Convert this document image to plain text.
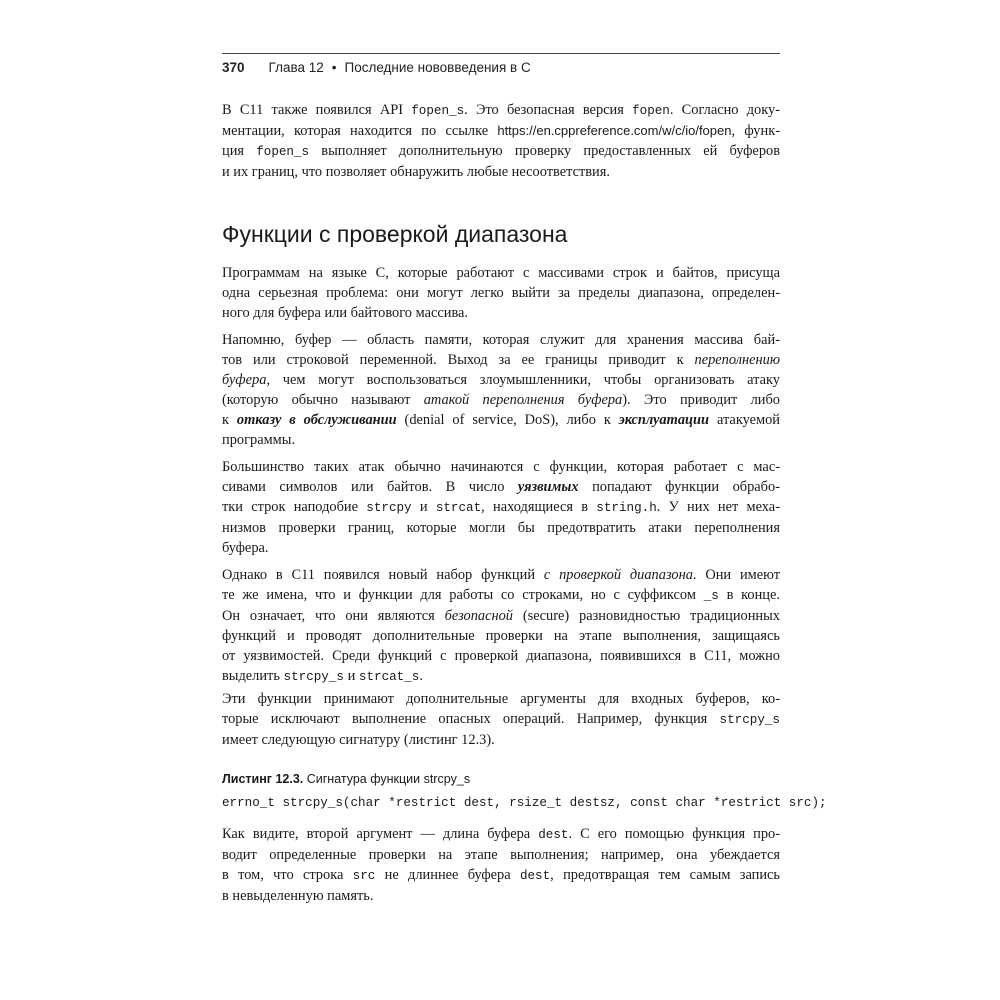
370 Глава 12 • Последние нововведения в C

В C11 также появился API fopen_s. Это безопасная версия fopen. Согласно доку-
ментации, которая находится по ссылке https://en.cppreference.com/w/c/io/fopen, функ-
ция fopen_s выполняет дополнительную проверку предоставленных ей буферов
и их границ, что позволяет обнаружить любые несоответствия.

Функции с проверкой диапазона

Программам на языке C, которые работают с массивами строк и байтов, присуща
одна серьезная проблема: они могут легко выйти за пределы диапазона, определен-
ного для буфера или байтового массива.

Напомню, буфер — область памяти, которая служит для хранения массива бай-
тов или строковой переменной. Выход за ее границы приводит к переполнению
буфера, чем могут воспользоваться злоумышленники, чтобы организовать атаку
(которую обычно называют атакой переполнения буфера). Это приводит либо
к отказу в обслуживании (denial of service, DoS), либо к эксплуатации атакуемой
программы.

Большинство таких атак обычно начинаются с функции, которая работает с мас-
сивами символов или байтов. В число уязвимых попадают функции обрабо-
тки строк наподобие strcpy и strcat, находящиеся в string.h. У них нет меха-
низмов проверки границ, которые могли бы предотвратить атаки переполнения
буфера.

Однако в C11 появился новый набор функций с проверкой диапазона. Они имеют
те же имена, что и функции для работы со строками, но с суффиксом _s в конце.
Он означает, что они являются безопасной (secure) разновидностью традиционных
функций и проводят дополнительные проверки на этапе выполнения, защищаясь
от уязвимостей. Среди функций с проверкой диапазона, появившихся в C11, можно
выделить strcpy_s и strcat_s.

Эти функции принимают дополнительные аргументы для входных буферов, ко-
торые исключают выполнение опасных операций. Например, функция strcpy_s
имеет следующую сигнатуру (листинг 12.3).

Листинг 12.3. Сигнатура функции strcpy_s
errno_t strcpy_s(char *restrict dest, rsize_t destsz, const char *restrict src);

Как видите, второй аргумент — длина буфера dest. С его помощью функция про-
водит определенные проверки на этапе выполнения; например, она убеждается
в том, что строка src не длиннее буфера dest, предотвращая тем самым запись
в невыделенную память.
